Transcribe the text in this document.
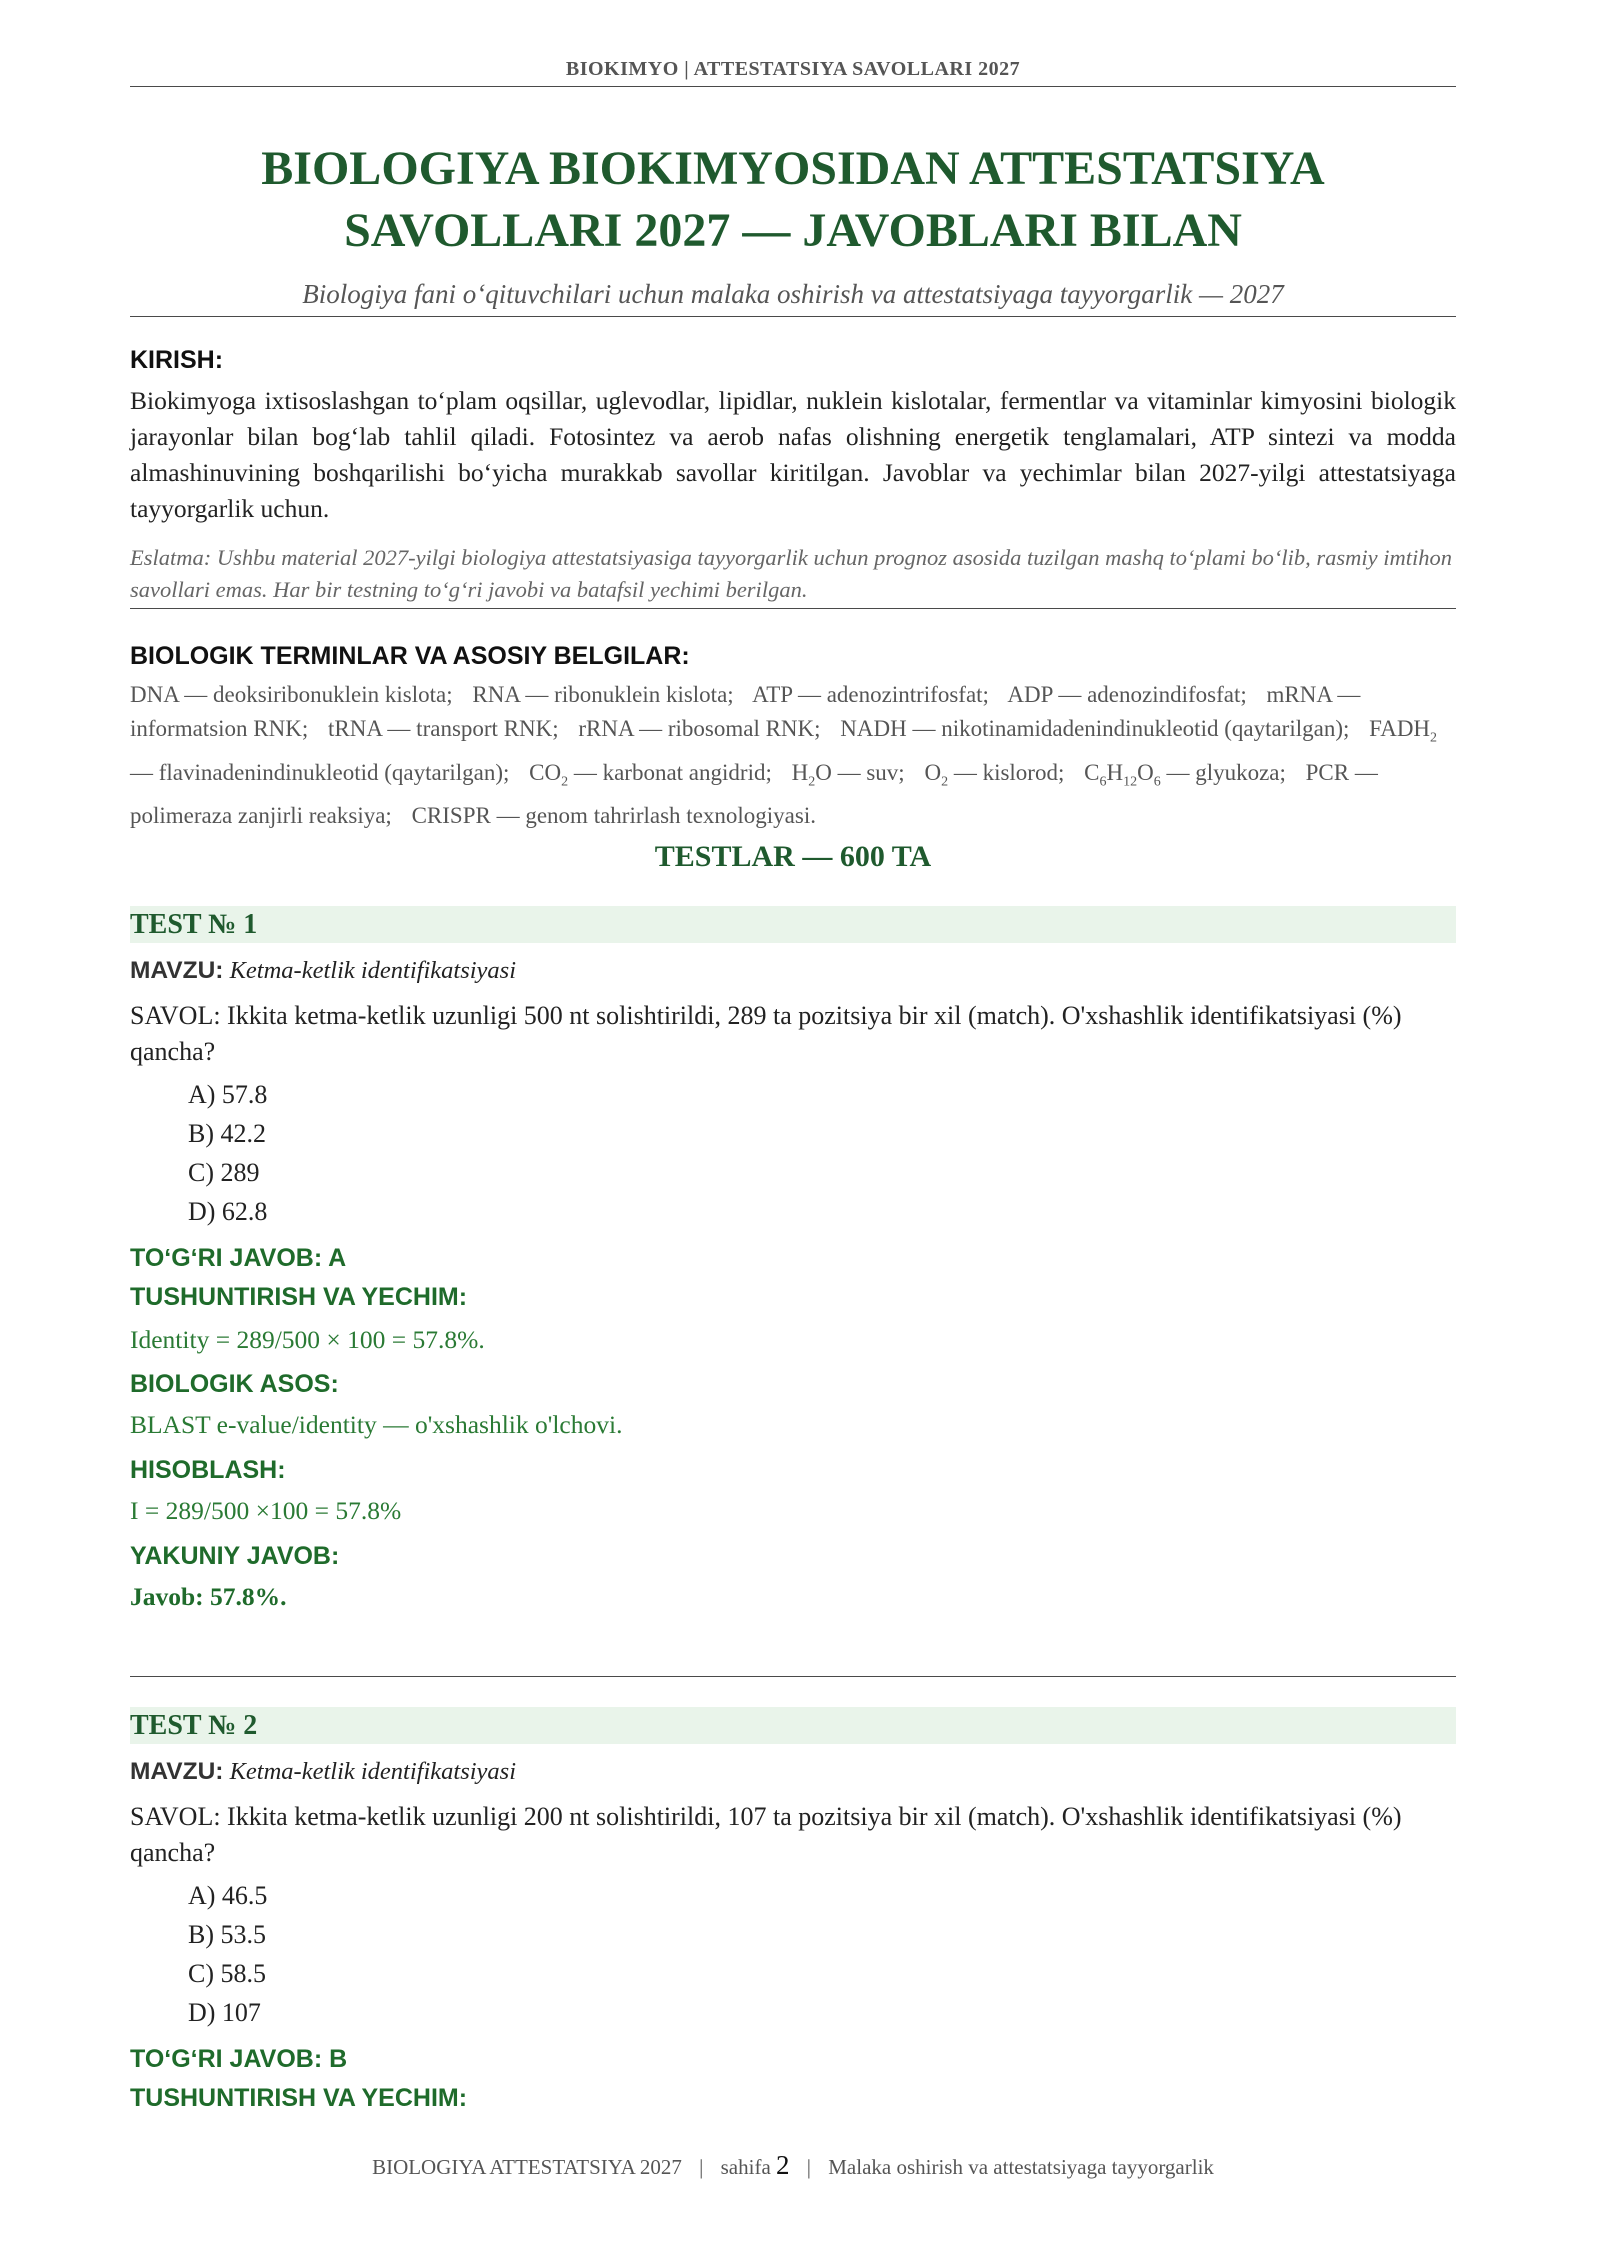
BIOKIMYO | ATTESTATSIYA SAVOLLARI 2027
BIOLOGIYA BIOKIMYOSIDAN ATTESTATSIYA
SAVOLLARI 2027 — JAVOBLARI BILAN
Biologiya fani oʻqituvchilari uchun malaka oshirish va attestatsiyaga tayyorgarlik — 2027
KIRISH:
Biokimyoga ixtisoslashgan toʻplam oqsillar, uglevodlar, lipidlar, nuklein kislotalar, fermentlar va vitaminlar kimyosini biologik jarayonlar bilan bogʻlab tahlil qiladi. Fotosintez va aerob nafas olishning energetik tenglamalari, ATP sintezi va modda almashinuvining boshqarilishi boʻyicha murakkab savollar kiritilgan. Javoblar va yechimlar bilan 2027-yilgi attestatsiyaga tayyorgarlik uchun.
Eslatma: Ushbu material 2027-yilgi biologiya attestatsiyasiga tayyorgarlik uchun prognoz asosida tuzilgan mashq toʻplami boʻlib, rasmiy imtihon savollari emas. Har bir testning toʻgʻri javobi va batafsil yechimi berilgan.
BIOLOGIK TERMINLAR VA ASOSIY BELGILAR:
DNA — deoksiribonuklein kislota; RNA — ribonuklein kislota; ATP — adenozintrifosfat; ADP — adenozindifosfat; mRNA — informatsion RNK; tRNA — transport RNK; rRNA — ribosomal RNK; NADH — nikotinamidadenindinukleotid (qaytarilgan); $FADH_2$ — flavinadenindinukleotid (qaytarilgan); $CO_2$ — karbonat angidrid; $H_2O$ — suv; $O_2$ — kislorod; $C_6H_{12}O_6$ — glyukoza; PCR — polimeraza zanjirli reaksiya; CRISPR — genom tahrirlash texnologiyasi.
TESTLAR — 600 TA
TEST № 1
MAVZU: Ketma-ketlik identifikatsiyasi
SAVOL: Ikkita ketma-ketlik uzunligi 500 nt solishtirildi, 289 ta pozitsiya bir xil (match). O'xshashlik identifikatsiyasi (%) qancha?
A) 57.8
B) 42.2
C) 289
D) 62.8
TOʻGʻRI JAVOB: A
TUSHUNTIRISH VA YECHIM:
Identity = 289/500 × 100 = 57.8%.
BIOLOGIK ASOS:
BLAST e-value/identity — o'xshashlik o'lchovi.
HISOBLASH:
I = 289/500 ×100 = 57.8%
YAKUNIY JAVOB:
Javob: 57.8%.
TEST № 2
MAVZU: Ketma-ketlik identifikatsiyasi
SAVOL: Ikkita ketma-ketlik uzunligi 200 nt solishtirildi, 107 ta pozitsiya bir xil (match). O'xshashlik identifikatsiyasi (%) qancha?
A) 46.5
B) 53.5
C) 58.5
D) 107
TOʻGʻRI JAVOB: B
TUSHUNTIRISH VA YECHIM:
BIOLOGIYA ATTESTATSIYA 2027 | sahifa 2 | Malaka oshirish va attestatsiyaga tayyorgarlik
